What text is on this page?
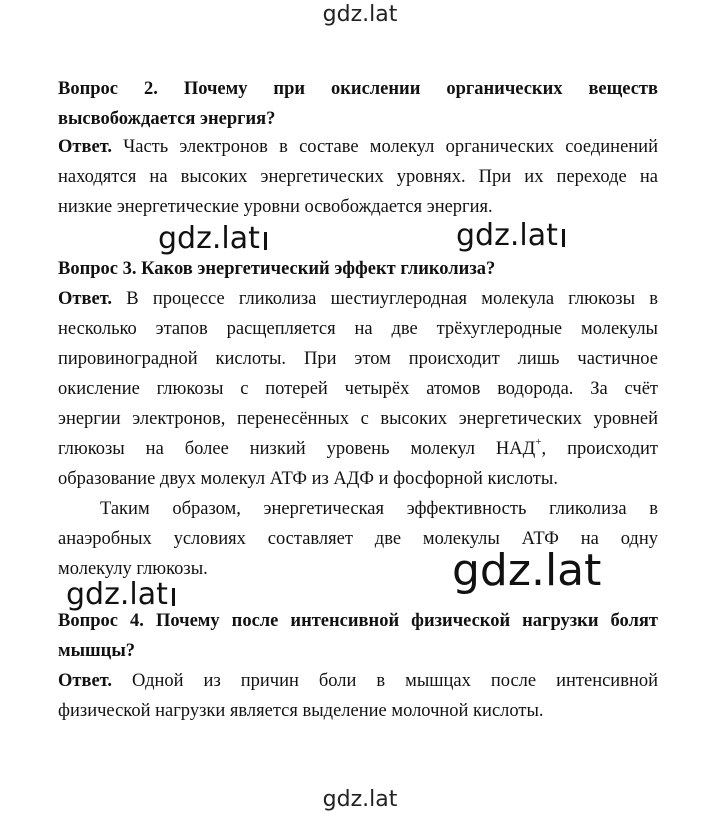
gdz.lat
gdz.lat	gdz.lat
gdz.lat	gdz.lat
gdz.lat
Вопрос 2. Почему при окислении органических веществ
высвобождается энергия?
Ответ. Часть электронов в составе молекул органических соединений
находятся на высоких энергетических уровнях. При их переходе на
низкие энергетические уровни освобождается энергия.
Вопрос 3. Каков энергетический эффект гликолиза?
Ответ. В процессе гликолиза шестиуглеродная молекула глюкозы в
несколько этапов расщепляется на две трёхуглеродные молекулы
пировиноградной кислоты. При этом происходит лишь частичное
окисление глюкозы с потерей четырёх атомов водорода. За счёт
энергии электронов, перенесённых с высоких энергетических уровней
глюкозы на более низкий уровень молекул НАД+, происходит
образование двух молекул АТФ из АДФ и фосфорной кислоты.
Таким образом, энергетическая эффективность гликолиза в
анаэробных условиях составляет две молекулы АТФ на одну
молекулу глюкозы.
Вопрос 4. Почему после интенсивной физической нагрузки болят
мышцы?
Ответ. Одной из причин боли в мышцах после интенсивной
физической нагрузки является выделение молочной кислоты.
